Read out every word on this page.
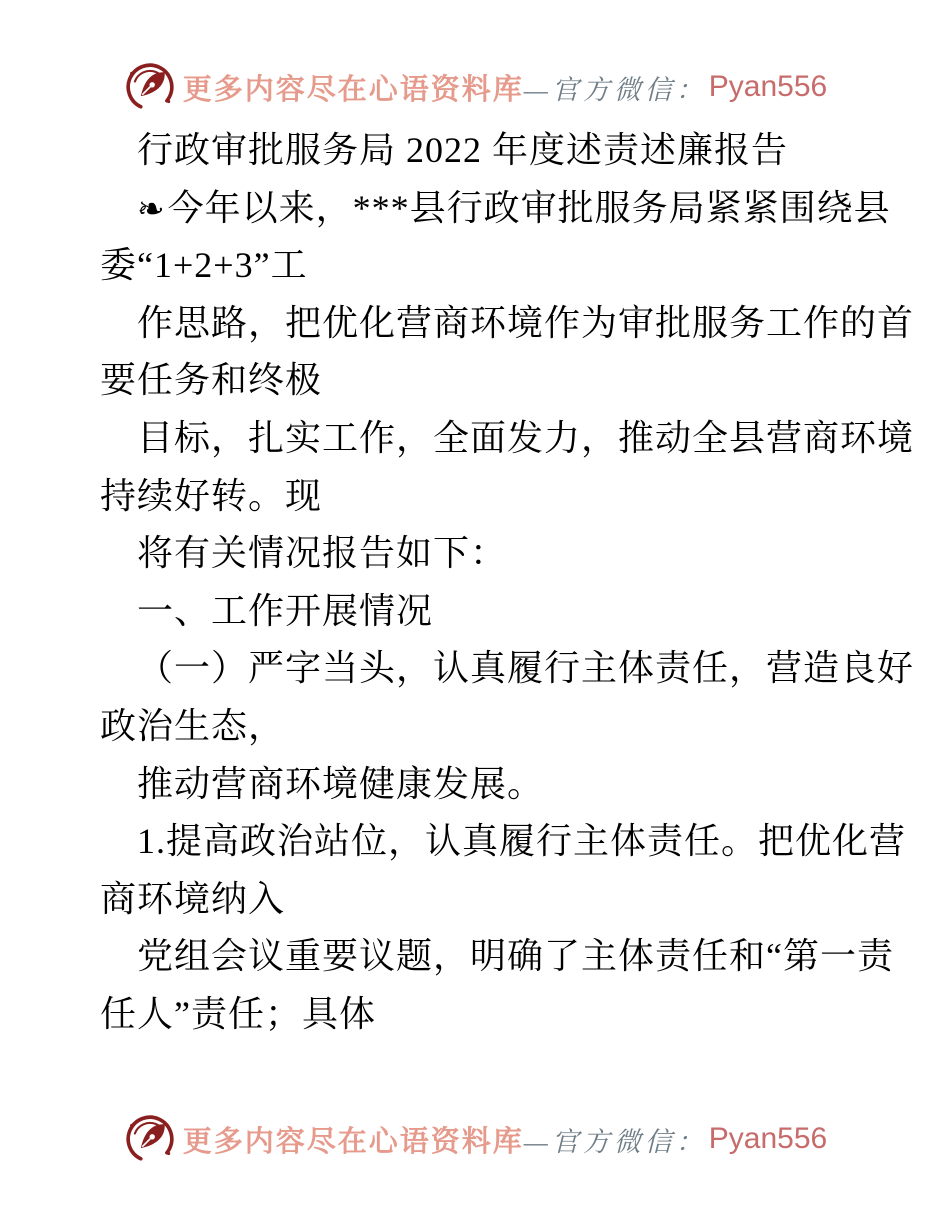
更多内容尽在心语资料库 —官方微信： Pyan556
行政审批服务局 2022 年度述责述廉报告
❧今年以来，***县行政审批服务局紧紧围绕县
委“1+2+3”工
作思路，把优化营商环境作为审批服务工作的首
要任务和终极
目标，扎实工作，全面发力，推动全县营商环境
持续好转。现
将有关情况报告如下：
一、工作开展情况
（一）严字当头，认真履行主体责任，营造良好
政治生态，
推动营商环境健康发展。
1.提高政治站位，认真履行主体责任。把优化营
商环境纳入
党组会议重要议题，明确了主体责任和“第一责
任人”责任；具体
更多内容尽在心语资料库 —官方微信： Pyan556
